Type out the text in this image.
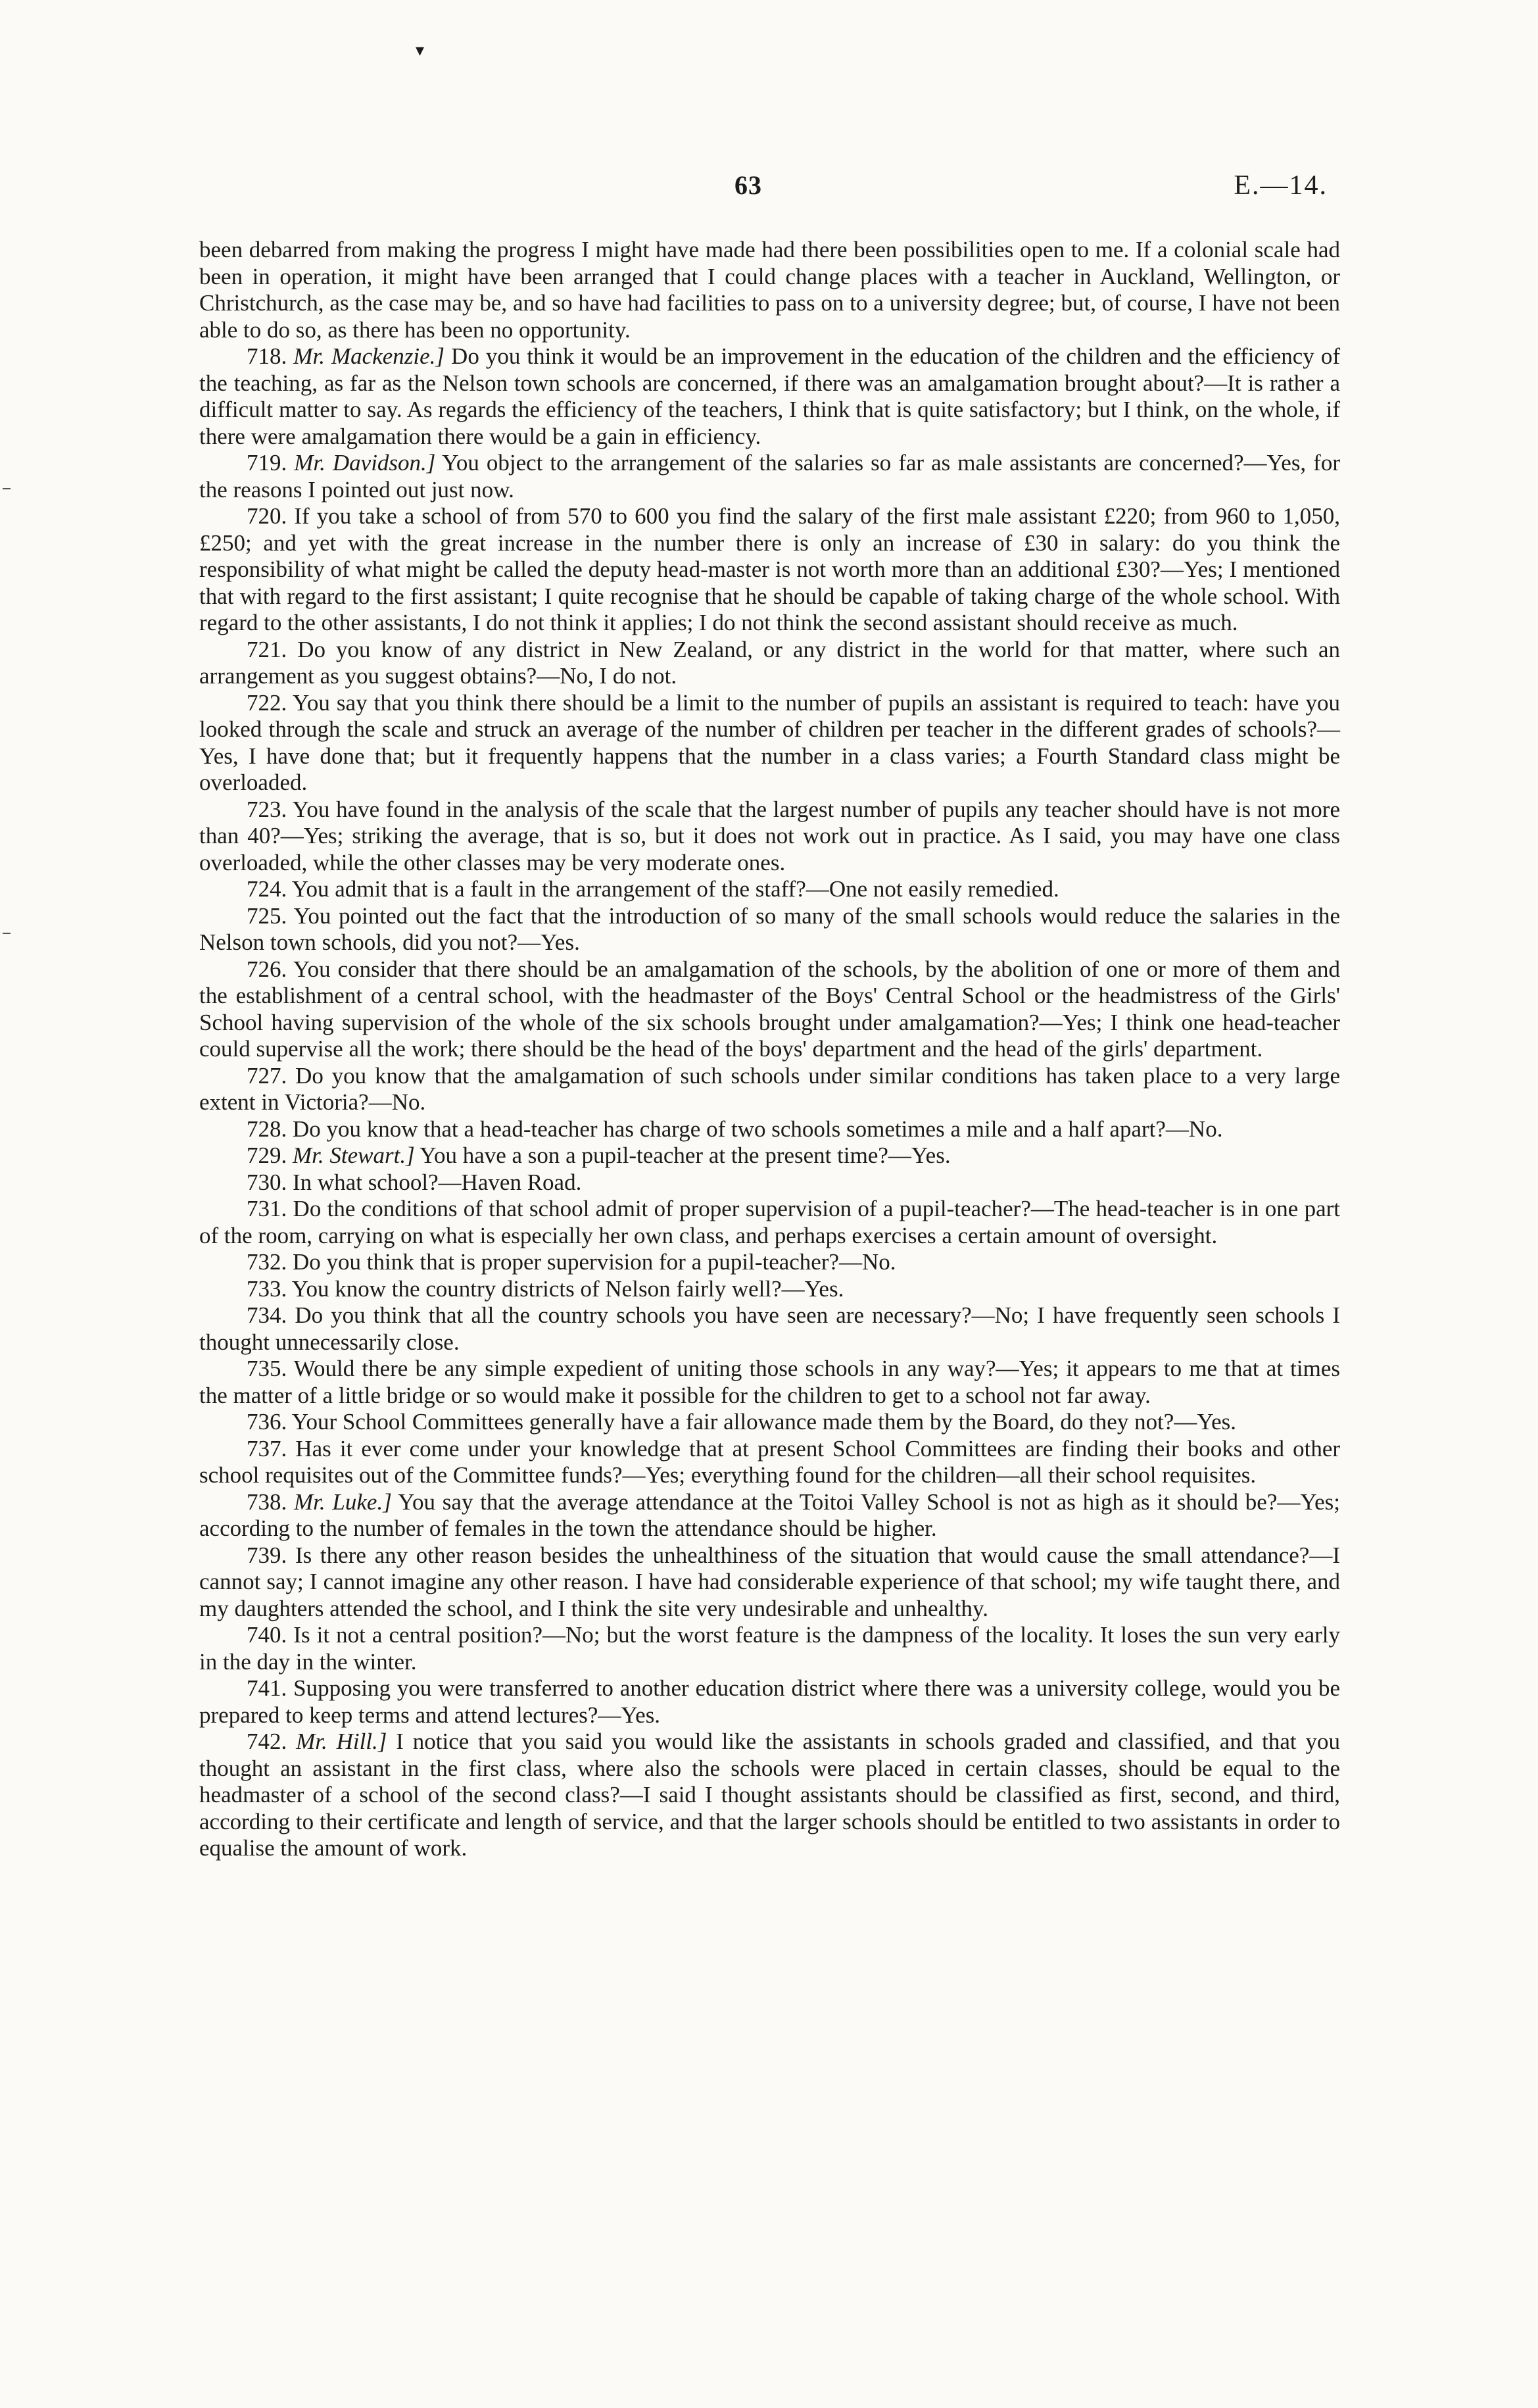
▾
63	E.—14.

been debarred from making the progress I might have made had there been possibilities open to me. If a colonial scale had been in operation, it might have been arranged that I could change places with a teacher in Auckland, Wellington, or Christchurch, as the case may be, and so have had facilities to pass on to a university degree; but, of course, I have not been able to do so, as there has been no opportunity.

718. Mr. Mackenzie.] Do you think it would be an improvement in the education of the children and the efficiency of the teaching, as far as the Nelson town schools are concerned, if there was an amalgamation brought about?—It is rather a difficult matter to say. As regards the efficiency of the teachers, I think that is quite satisfactory; but I think, on the whole, if there were amalgamation there would be a gain in efficiency.

719. Mr. Davidson.] You object to the arrangement of the salaries so far as male assistants are concerned?—Yes, for the reasons I pointed out just now.

720. If you take a school of from 570 to 600 you find the salary of the first male assistant £220; from 960 to 1,050, £250; and yet with the great increase in the number there is only an increase of £30 in salary: do you think the responsibility of what might be called the deputy head-master is not worth more than an additional £30?—Yes; I mentioned that with regard to the first assistant; I quite recognise that he should be capable of taking charge of the whole school. With regard to the other assistants, I do not think it applies; I do not think the second assistant should receive as much.

721. Do you know of any district in New Zealand, or any district in the world for that matter, where such an arrangement as you suggest obtains?—No, I do not.

722. You say that you think there should be a limit to the number of pupils an assistant is required to teach: have you looked through the scale and struck an average of the number of children per teacher in the different grades of schools?—Yes, I have done that; but it frequently happens that the number in a class varies; a Fourth Standard class might be overloaded.

723. You have found in the analysis of the scale that the largest number of pupils any teacher should have is not more than 40?—Yes; striking the average, that is so, but it does not work out in practice. As I said, you may have one class overloaded, while the other classes may be very moderate ones.

724. You admit that is a fault in the arrangement of the staff?—One not easily remedied.

725. You pointed out the fact that the introduction of so many of the small schools would reduce the salaries in the Nelson town schools, did you not?—Yes.

726. You consider that there should be an amalgamation of the schools, by the abolition of one or more of them and the establishment of a central school, with the headmaster of the Boys' Central School or the headmistress of the Girls' School having supervision of the whole of the six schools brought under amalgamation?—Yes; I think one head-teacher could supervise all the work; there should be the head of the boys' department and the head of the girls' department.

727. Do you know that the amalgamation of such schools under similar conditions has taken place to a very large extent in Victoria?—No.

728. Do you know that a head-teacher has charge of two schools sometimes a mile and a half apart?—No.

729. Mr. Stewart.] You have a son a pupil-teacher at the present time?—Yes.

730. In what school?—Haven Road.

731. Do the conditions of that school admit of proper supervision of a pupil-teacher?—The head-teacher is in one part of the room, carrying on what is especially her own class, and perhaps exercises a certain amount of oversight.

732. Do you think that is proper supervision for a pupil-teacher?—No.

733. You know the country districts of Nelson fairly well?—Yes.

734. Do you think that all the country schools you have seen are necessary?—No; I have frequently seen schools I thought unnecessarily close.

735. Would there be any simple expedient of uniting those schools in any way?—Yes; it appears to me that at times the matter of a little bridge or so would make it possible for the children to get to a school not far away.

736. Your School Committees generally have a fair allowance made them by the Board, do they not?—Yes.

737. Has it ever come under your knowledge that at present School Committees are finding their books and other school requisites out of the Committee funds?—Yes; everything found for the children—all their school requisites.

738. Mr. Luke.] You say that the average attendance at the Toitoi Valley School is not as high as it should be?—Yes; according to the number of females in the town the attendance should be higher.

739. Is there any other reason besides the unhealthiness of the situation that would cause the small attendance?—I cannot say; I cannot imagine any other reason. I have had considerable experience of that school; my wife taught there, and my daughters attended the school, and I think the site very undesirable and unhealthy.

740. Is it not a central position?—No; but the worst feature is the dampness of the locality. It loses the sun very early in the day in the winter.

741. Supposing you were transferred to another education district where there was a university college, would you be prepared to keep terms and attend lectures?—Yes.

742. Mr. Hill.] I notice that you said you would like the assistants in schools graded and classified, and that you thought an assistant in the first class, where also the schools were placed in certain classes, should be equal to the headmaster of a school of the second class?—I said I thought assistants should be classified as first, second, and third, according to their certificate and length of service, and that the larger schools should be entitled to two assistants in order to equalise the amount of work.
